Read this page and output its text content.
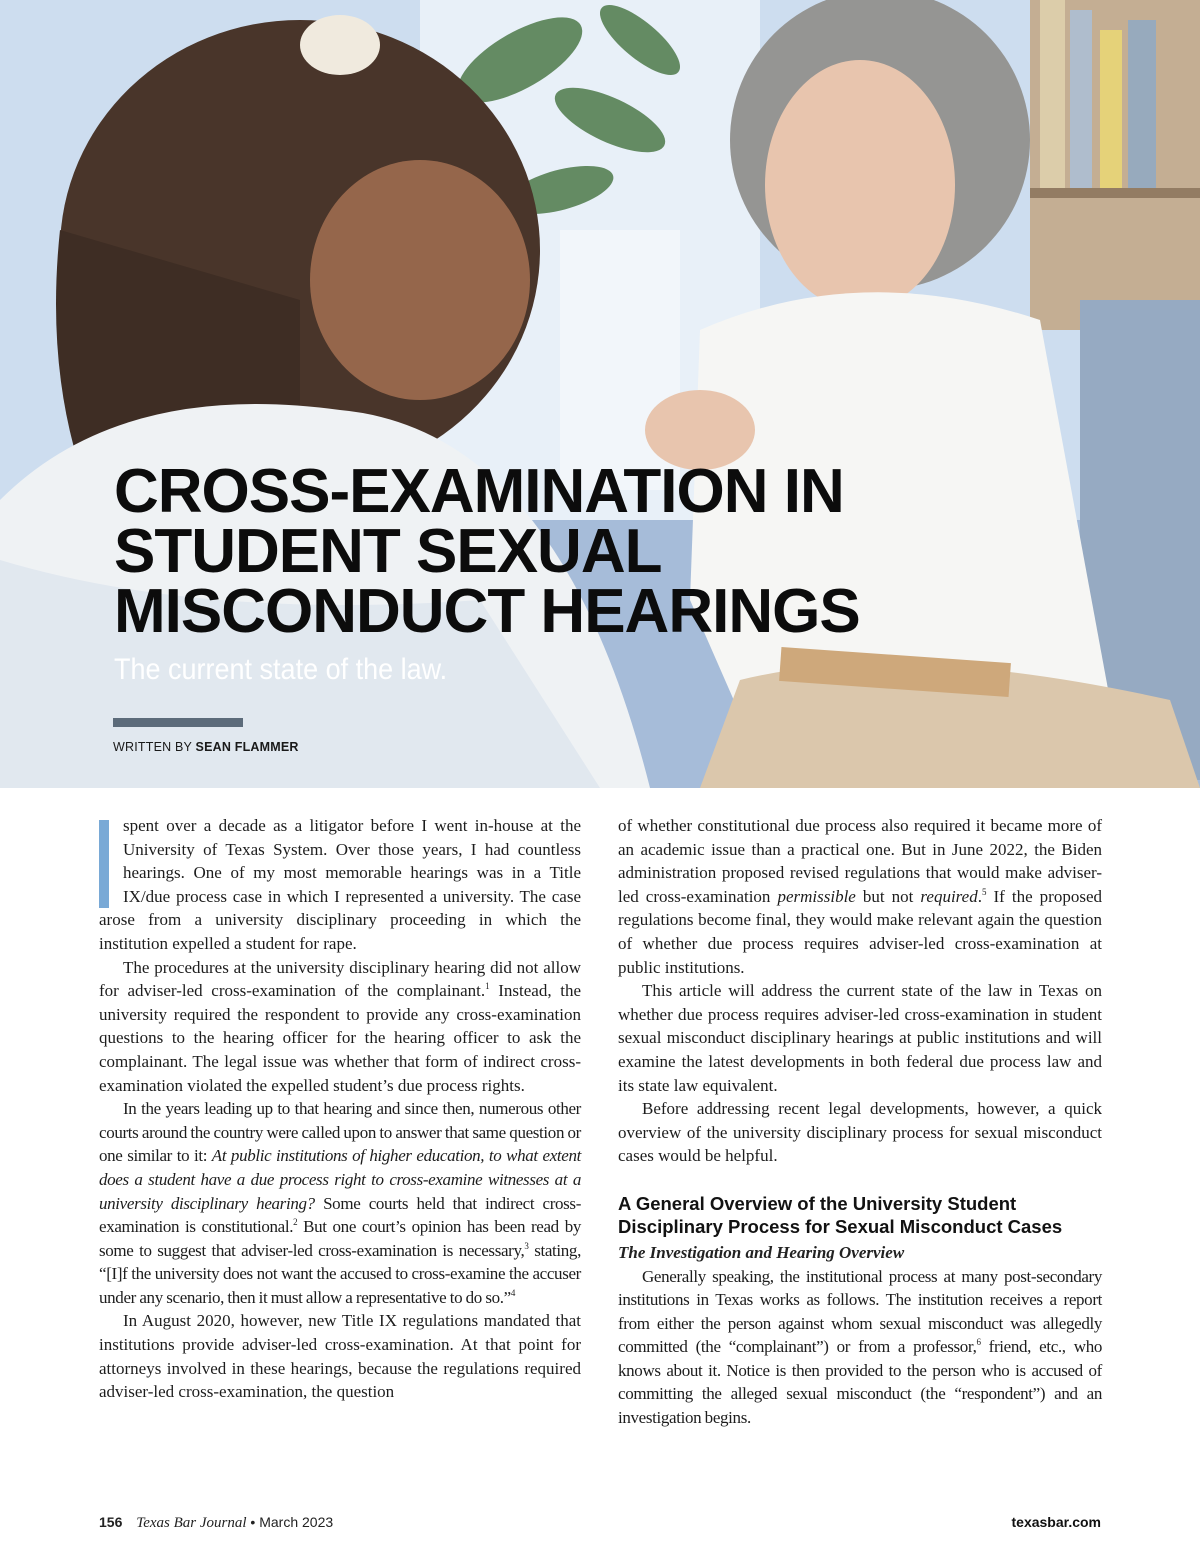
CROSS-EXAMINATION IN
STUDENT SEXUAL
MISCONDUCT HEARINGS

The current state of the law.

WRITTEN BY SEAN FLAMMER

spent over a decade as a litigator before I went in-house at the University of Texas System. Over those years, I had countless hearings. One of my most memorable hearings was in a Title IX/due process case in which I represented a university. The case arose from a university disciplinary proceeding in which the institution expelled a student for rape.

The procedures at the university disciplinary hearing did not allow for adviser-led cross-examination of the complainant.$^1$ Instead, the university required the respondent to provide any cross-examination questions to the hearing officer for the hearing officer to ask the complainant. The legal issue was whether that form of indirect cross-examination violated the expelled student’s due process rights.

In the years leading up to that hearing and since then, numerous other courts around the country were called upon to answer that same question or one similar to it: At public institutions of higher education, to what extent does a student have a due process right to cross-examine witnesses at a university disciplinary hearing? Some courts held that indirect cross-examination is constitutional.$^2$ But one court’s opinion has been read by some to suggest that adviser-led cross-examination is necessary,$^3$ stating, “[I]f the university does not want the accused to cross-examine the accuser under any scenario, then it must allow a representative to do so.”$^4$

In August 2020, however, new Title IX regulations mandated that institutions provide adviser-led cross-examination. At that point for attorneys involved in these hearings, because the regulations required adviser-led cross-examination, the question

of whether constitutional due process also required it became more of an academic issue than a practical one. But in June 2022, the Biden administration proposed revised regulations that would make adviser-led cross-examination permissible but not required.$^5$ If the proposed regulations become final, they would make relevant again the question of whether due process requires adviser-led cross-examination at public institutions.

This article will address the current state of the law in Texas on whether due process requires adviser-led cross-examination in student sexual misconduct disciplinary hearings at public institutions and will examine the latest developments in both federal due process law and its state law equivalent.

Before addressing recent legal developments, however, a quick overview of the university disciplinary process for sexual misconduct cases would be helpful.

A General Overview of the University Student Disciplinary Process for Sexual Misconduct Cases
The Investigation and Hearing Overview

Generally speaking, the institutional process at many post-secondary institutions in Texas works as follows. The institution receives a report from either the person against whom sexual misconduct was allegedly committed (the “complainant”) or from a professor,$^6$ friend, etc., who knows about it. Notice is then provided to the person who is accused of committing the alleged sexual misconduct (the “respondent”) and an investigation begins.

156 Texas Bar Journal • March 2023	texasbar.com
